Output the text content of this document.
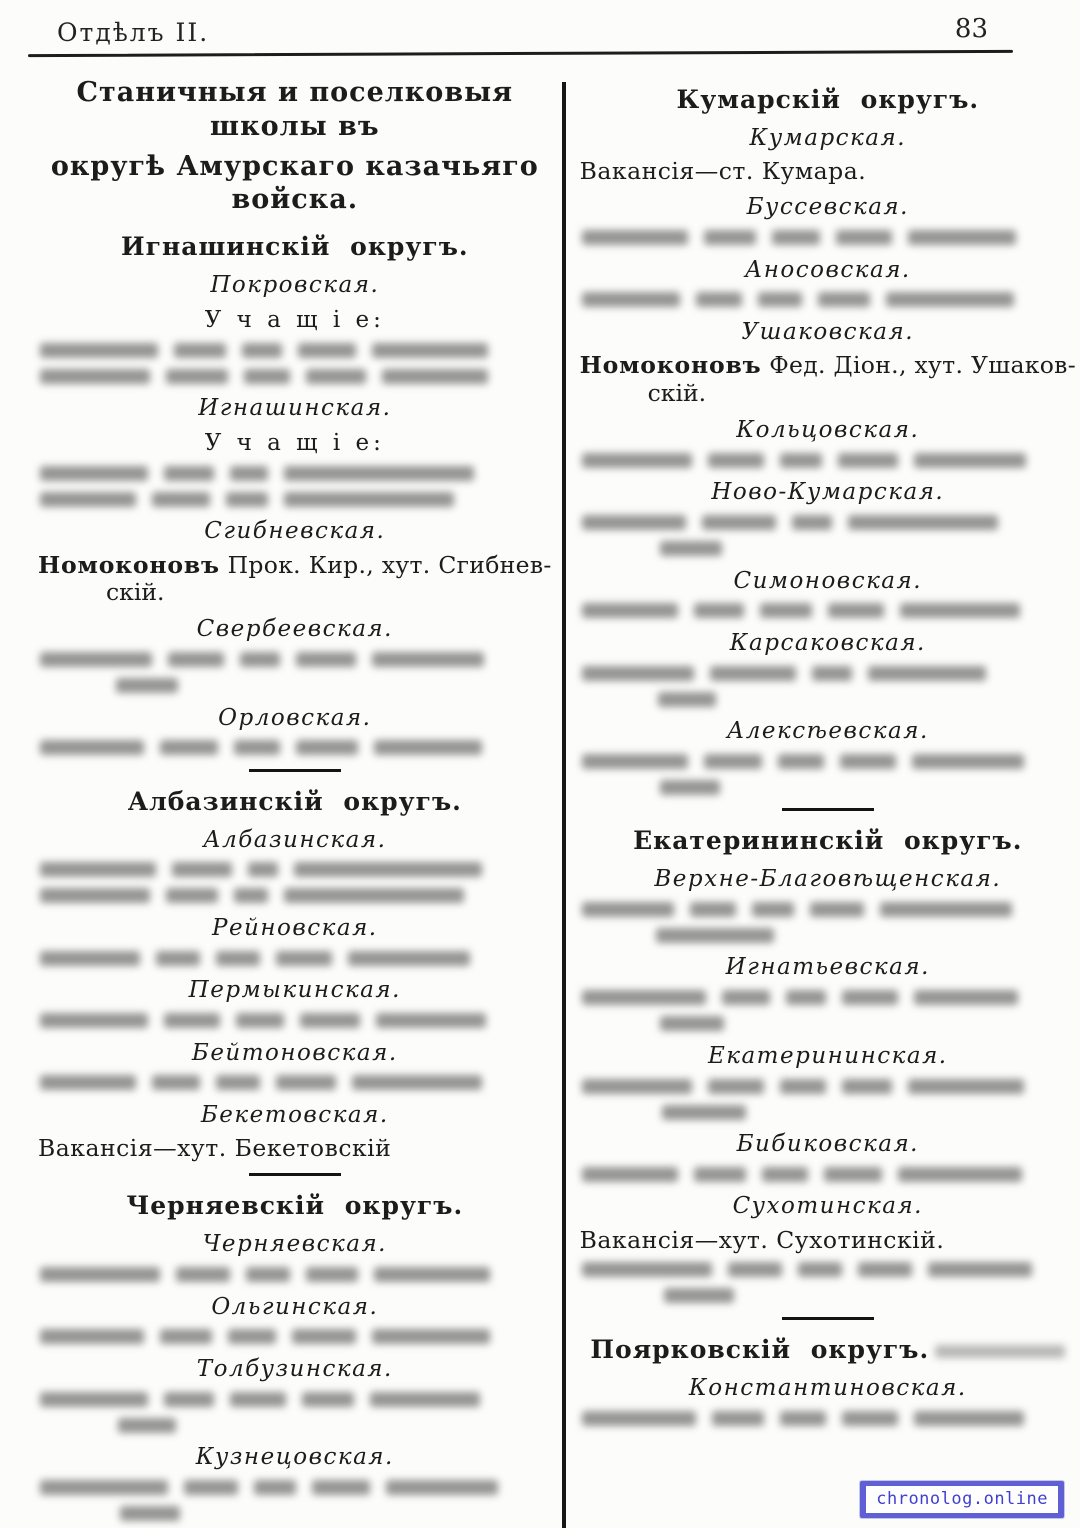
Отдѣлъ II.	83
Станичныя и поселковыя школы въ
округѣ Амурскаго казачьяго войска.
Игнашинскій округъ.
Покровская.
У ч а щ і е:
Игнашинская.
У ч а щ і е:
Сгибневская.
Номоконовъ Прок. Кир., хут. Сгибнев-
скій.
Свербеевская.
Орловская.
Албазинскій округъ.
Албазинская.
Рейновская.
Пермыкинская.
Бейтоновская.
Бекетовская.
Вакансія—хут. Бекетовскій
Черняевскій округъ.
Черняевская.
Ольгинская.
Толбузинская.
Кузнецовская.
Кумарскій округъ.
Кумарская.
Вакансія—ст. Кумара.
Буссевская.
Аносовская.
Ушаковская.
Номоконовъ Фед. Діон., хут. Ушаков-
скій.
Кольцовская.
Ново-Кумарская.
Симоновская.
Карсаковская.
Алексѣевская.
Екатерининскій округъ.
Верхне-Благовѣщенская.
Игнатьевская.
Екатерининская.
Бибиковская.
Сухотинская.
Вакансія—хут. Сухотинскій.
Поярковскій округъ.
Константиновская.
chronolog.online
